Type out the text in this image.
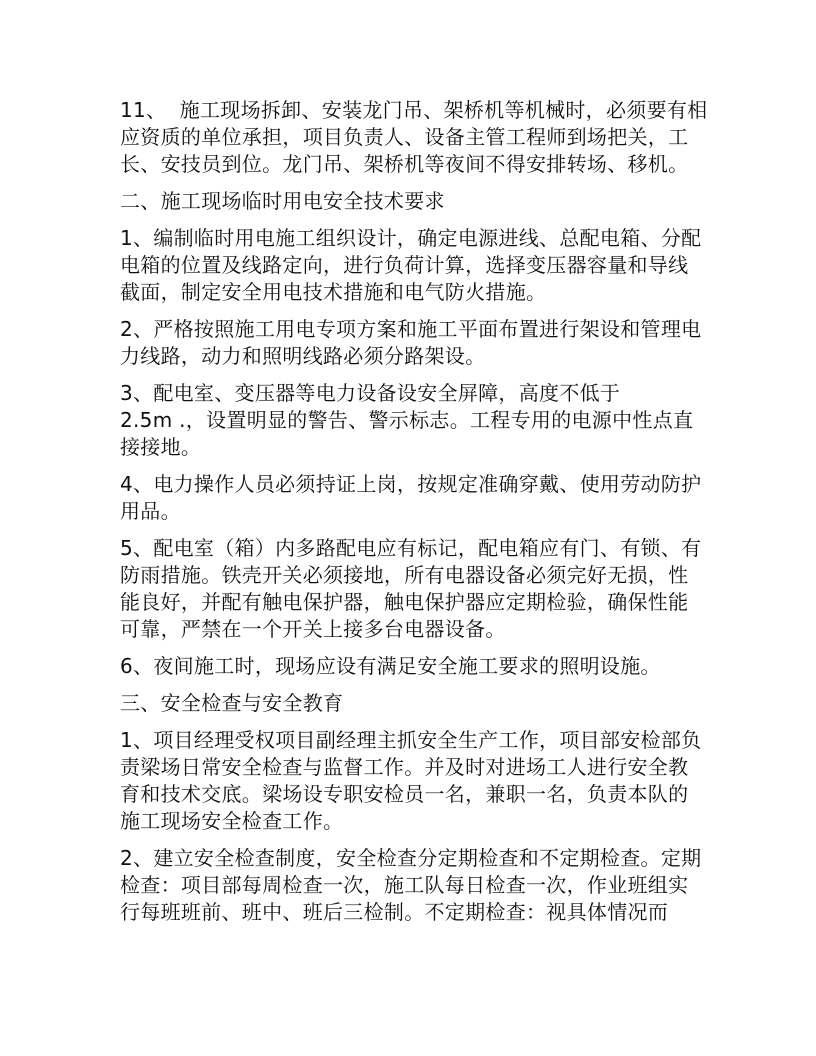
11、  施工现场拆卸、安装龙门吊、架桥机等机械时，必须要有相
应资质的单位承担，项目负责人、设备主管工程师到场把关，工
长、安技员到位。龙门吊、架桥机等夜间不得安排转场、移机。
二、施工现场临时用电安全技术要求
1、编制临时用电施工组织设计，确定电源进线、总配电箱、分配
电箱的位置及线路定向，进行负荷计算，选择变压器容量和导线
截面，制定安全用电技术措施和电气防火措施。
2、严格按照施工用电专项方案和施工平面布置进行架设和管理电
力线路，动力和照明线路必须分路架设。
3、配电室、变压器等电力设备设安全屏障，高度不低于
2.5m .，设置明显的警告、警示标志。工程专用的电源中性点直
接接地。
4、电力操作人员必须持证上岗，按规定准确穿戴、使用劳动防护
用品。
5、配电室（箱）内多路配电应有标记，配电箱应有门、有锁、有
防雨措施。铁壳开关必须接地，所有电器设备必须完好无损，性
能良好，并配有触电保护器，触电保护器应定期检验，确保性能
可靠，严禁在一个开关上接多台电器设备。
6、夜间施工时，现场应设有满足安全施工要求的照明设施。
三、安全检查与安全教育
1、项目经理受权项目副经理主抓安全生产工作，项目部安检部负
责梁场日常安全检查与监督工作。并及时对进场工人进行安全教
育和技术交底。梁场设专职安检员一名，兼职一名，负责本队的
施工现场安全检查工作。
2、建立安全检查制度，安全检查分定期检查和不定期检查。定期
检查：项目部每周检查一次，施工队每日检查一次，作业班组实
行每班班前、班中、班后三检制。不定期检查：视具体情况而
